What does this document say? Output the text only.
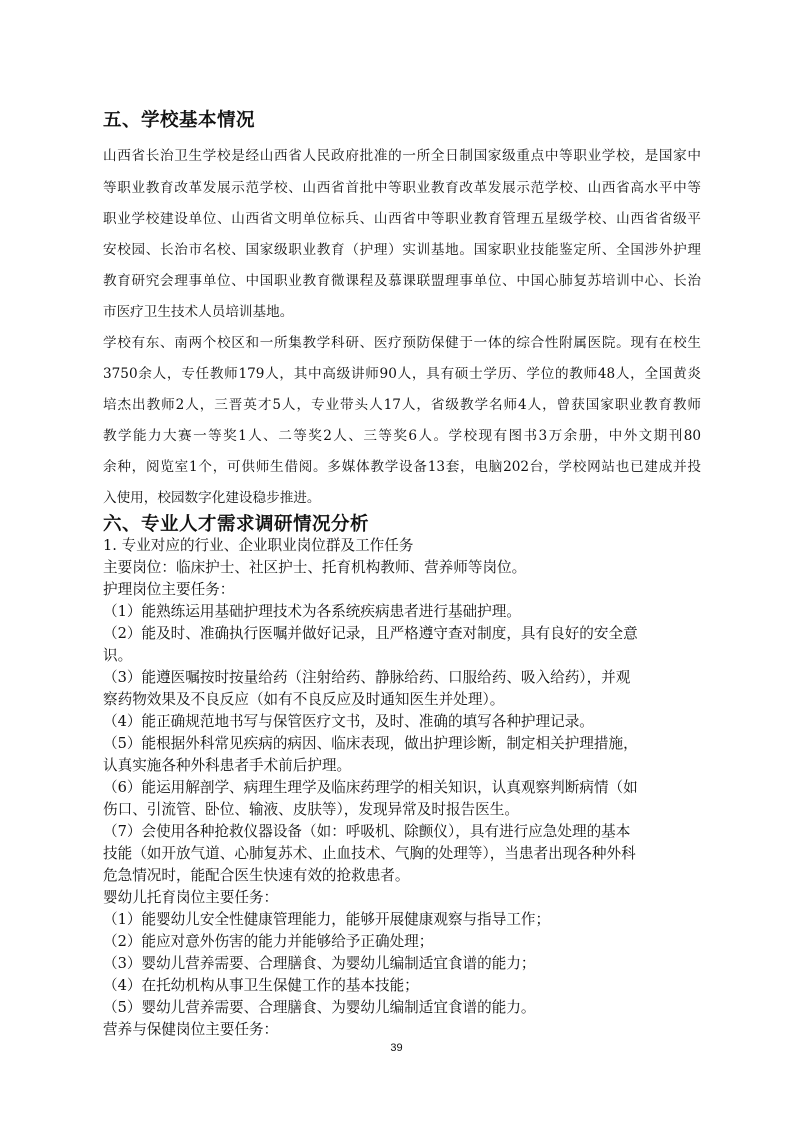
五、学校基本情况
山西省长治卫生学校是经山西省人民政府批准的一所全日制国家级重点中等职业学校，是国家中
等职业教育改革发展示范学校、山西省首批中等职业教育改革发展示范学校、山西省高水平中等
职业学校建设单位、山西省文明单位标兵、山西省中等职业教育管理五星级学校、山西省省级平
安校园、长治市名校、国家级职业教育（护理）实训基地。国家职业技能鉴定所、全国涉外护理
教育研究会理事单位、中国职业教育微课程及慕课联盟理事单位、中国心肺复苏培训中心、长治
市医疗卫生技术人员培训基地。
学校有东、南两个校区和一所集教学科研、医疗预防保健于一体的综合性附属医院。现有在校生
3750余人，专任教师179人，其中高级讲师90人，具有硕士学历、学位的教师48人，全国黄炎
培杰出教师2人，三晋英才5人，专业带头人17人，省级教学名师4人，曾获国家职业教育教师
教学能力大赛一等奖1人、二等奖2人、三等奖6人。学校现有图书3万余册，中外文期刊80
余种，阅览室1个，可供师生借阅。多媒体教学设备13套，电脑202台，学校网站也已建成并投
入使用，校园数字化建设稳步推进。
六、专业人才需求调研情况分析
1. 专业对应的行业、企业职业岗位群及工作任务
主要岗位：临床护士、社区护士、托育机构教师、营养师等岗位。
护理岗位主要任务：
（1）能熟练运用基础护理技术为各系统疾病患者进行基础护理。
（2）能及时、准确执行医嘱并做好记录，且严格遵守查对制度，具有良好的安全意
识。
（3）能遵医嘱按时按量给药（注射给药、静脉给药、口服给药、吸入给药），并观
察药物效果及不良反应（如有不良反应及时通知医生并处理）。
（4）能正确规范地书写与保管医疗文书，及时、准确的填写各种护理记录。
（5）能根据外科常见疾病的病因、临床表现，做出护理诊断，制定相关护理措施，
认真实施各种外科患者手术前后护理。
（6）能运用解剖学、病理生理学及临床药理学的相关知识，认真观察判断病情（如
伤口、引流管、卧位、输液、皮肤等），发现异常及时报告医生。
（7）会使用各种抢救仪器设备（如：呼吸机、除颤仪），具有进行应急处理的基本
技能（如开放气道、心肺复苏术、止血技术、气胸的处理等），当患者出现各种外科
危急情况时，能配合医生快速有效的抢救患者。
婴幼儿托育岗位主要任务：
（1）能婴幼儿安全性健康管理能力，能够开展健康观察与指导工作；
（2）能应对意外伤害的能力并能够给予正确处理；
（3）婴幼儿营养需要、合理膳食、为婴幼儿编制适宜食谱的能力；
（4）在托幼机构从事卫生保健工作的基本技能；
（5）婴幼儿营养需要、合理膳食、为婴幼儿编制适宜食谱的能力。
营养与保健岗位主要任务：
39
